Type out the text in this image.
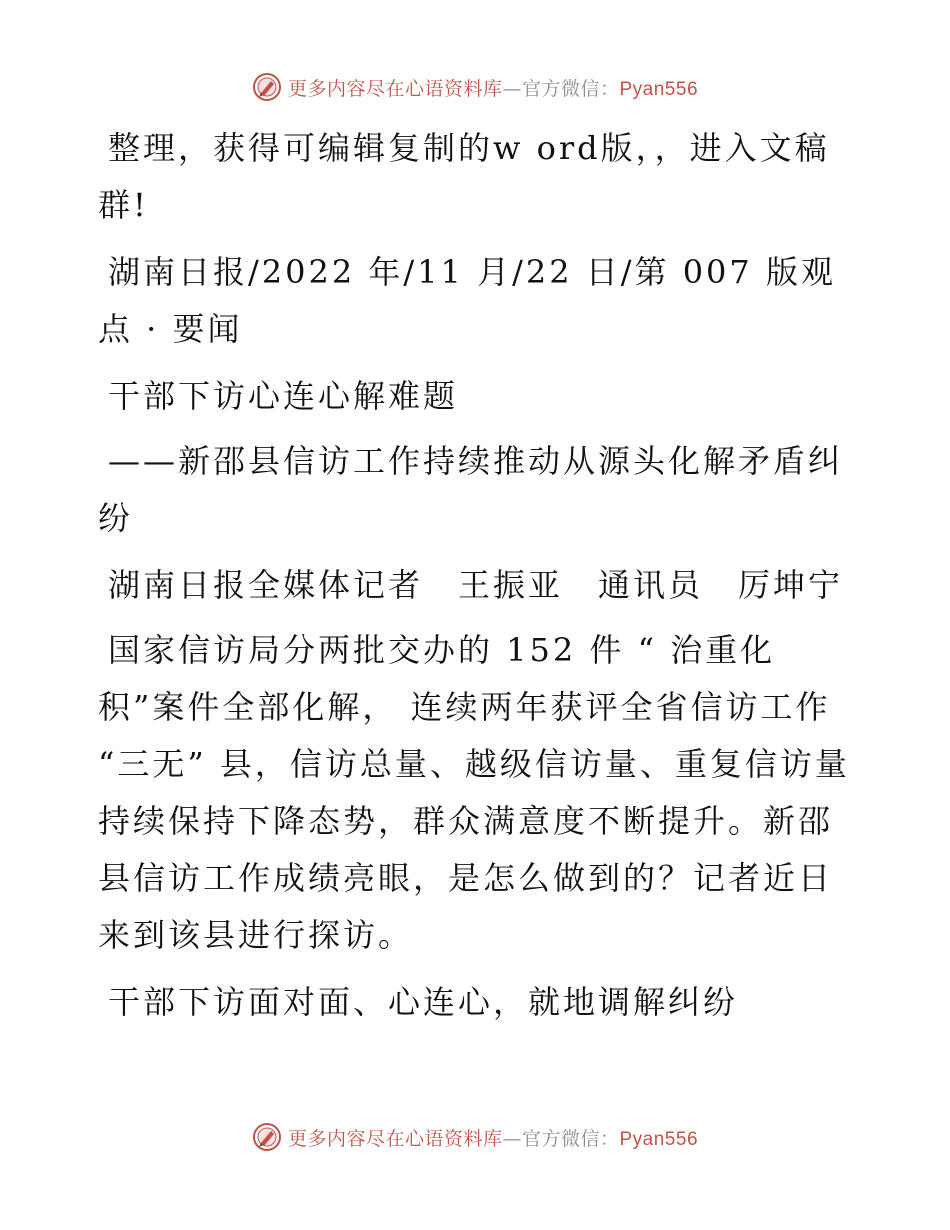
更多内容尽在心语资料库—官方微信：Pyan556

整理，获得可编辑复制的w ord版，，进入文稿群!

湖南日报/2022 年/11 月/22 日/第 007 版观点 · 要闻

干部下访心连心解难题

——新邵县信访工作持续推动从源头化解矛盾纠纷

湖南日报全媒体记者　王振亚　通讯员　厉坤宁

国家信访局分两批交办的 152 件 “ 治重化积”案件全部化解， 连续两年获评全省信访工作 “三无” 县，信访总量、越级信访量、重复信访量持续保持下降态势，群众满意度不断提升。新邵县信访工作成绩亮眼，是怎么做到的？记者近日来到该县进行探访。

干部下访面对面、心连心，就地调解纠纷

更多内容尽在心语资料库—官方微信：Pyan556
